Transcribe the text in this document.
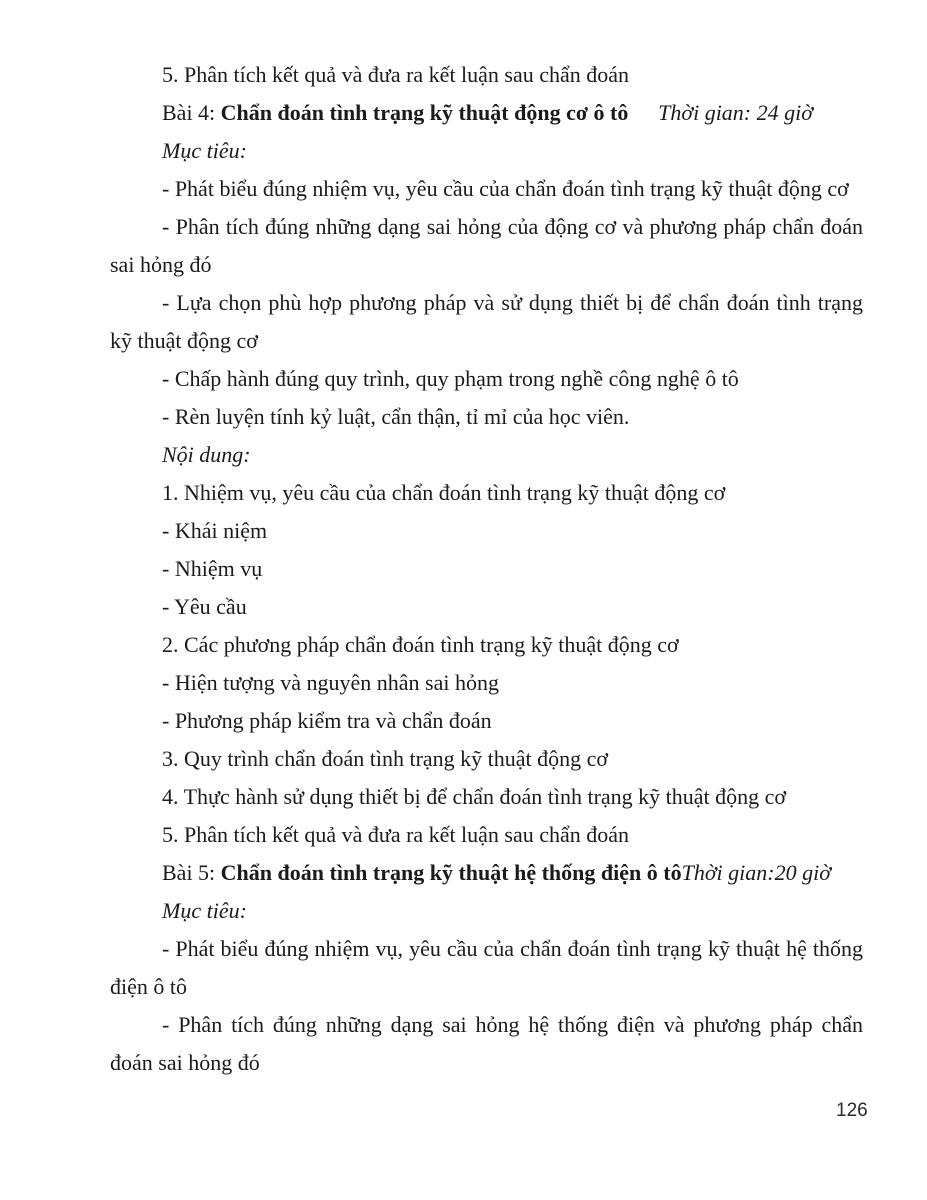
5. Phân tích kết quả và đưa ra kết luận sau chẩn đoán

Bài 4: Chẩn đoán tình trạng kỹ thuật động cơ ô tô Thời gian: 24 giờ

Mục tiêu:

- Phát biểu đúng nhiệm vụ, yêu cầu của chẩn đoán tình trạng kỹ thuật động cơ

- Phân tích đúng những dạng sai hỏng của động cơ và phương pháp chẩn đoán sai hỏng đó

- Lựa chọn phù hợp phương pháp và sử dụng thiết bị để chẩn đoán tình trạng kỹ thuật động cơ

- Chấp hành đúng quy trình, quy phạm trong nghề công nghệ ô tô

- Rèn luyện tính kỷ luật, cẩn thận, tỉ mỉ của học viên.

Nội dung:

1. Nhiệm vụ, yêu cầu của chẩn đoán tình trạng kỹ thuật động cơ

- Khái niệm

- Nhiệm vụ

- Yêu cầu

2. Các phương pháp chẩn đoán tình trạng kỹ thuật động cơ

- Hiện tượng và nguyên nhân sai hỏng

- Phương pháp kiểm tra và chẩn đoán

3. Quy trình chẩn đoán tình trạng kỹ thuật động cơ

4. Thực hành sử dụng thiết bị để chẩn đoán tình trạng kỹ thuật động cơ

5. Phân tích kết quả và đưa ra kết luận sau chẩn đoán

Bài 5: Chẩn đoán tình trạng kỹ thuật hệ thống điện ô tô Thời gian:20 giờ

Mục tiêu:

- Phát biểu đúng nhiệm vụ, yêu cầu của chẩn đoán tình trạng kỹ thuật hệ thống điện ô tô

- Phân tích đúng những dạng sai hỏng hệ thống điện và phương pháp chẩn đoán sai hỏng đó

126
